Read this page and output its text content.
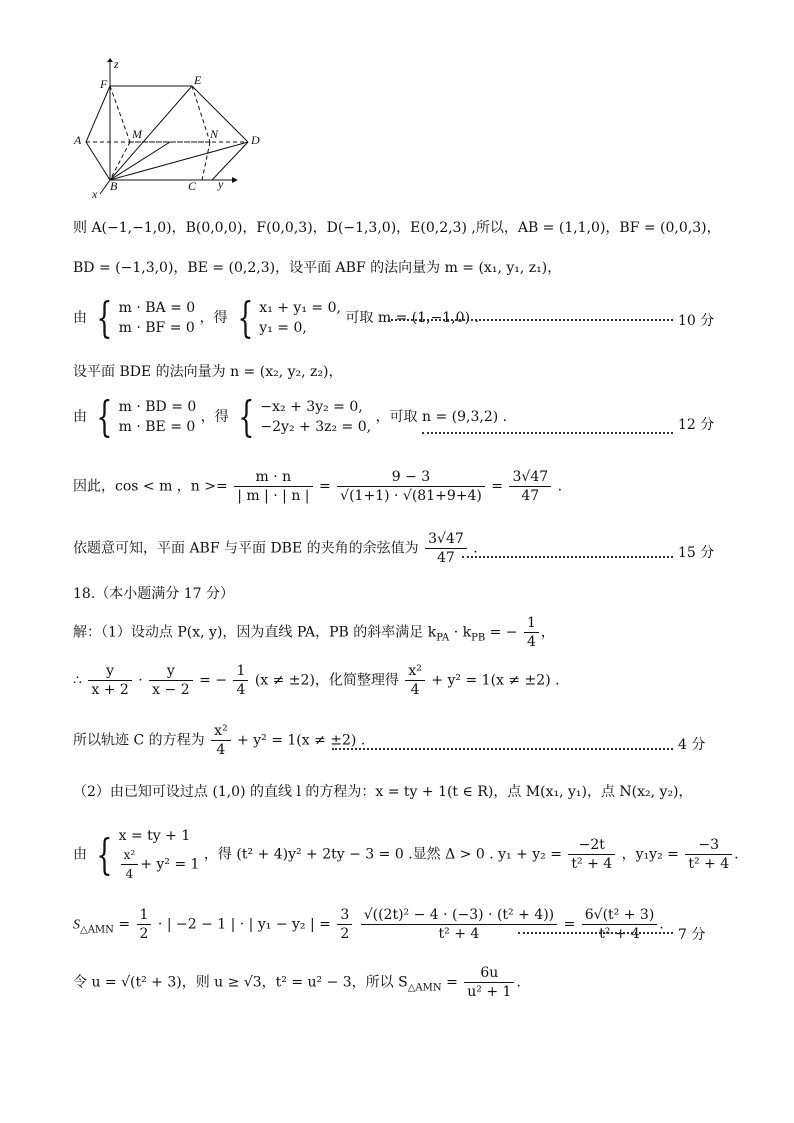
z
F	E
A	M	N	D
B	C
x
y
则 A(−1,−1,0)，B(0,0,0)，F(0,0,3)，D(−1,3,0)，E(0,2,3) ,所以，AB = (1,1,0)，BF = (0,0,3)，
BD = (−1,3,0)，BE = (0,2,3)，设平面 ABF 的法向量为 m = (x₁, y₁, z₁)，
由 { m · BA = 0
m · BF = 0
，得 { x₁ + y₁ = 0,
y₁ = 0,
可取 m = (1,−1,0) .	10 分
设平面 BDE 的法向量为 n = (x₂, y₂, z₂)，
由 { m · BD = 0
m · BE = 0
，得 { −x₂ + 3y₂ = 0,
−2y₂ + 3z₂ = 0,
，可取 n = (9,3,2) .	12 分
因此，cos < m ，$n >= \frac{m \cdot n}{| m | \cdot | n |} = \frac{9 - 3}{√(1+1) \cdot √(81+9+4)} = \frac{3√47}{47}$ .
依题意可知，平面 ABF 与平面 DBE 的夹角的余弦值为 $\frac{3√47}{47}$ .	15 分
18.（本小题满分 17 分）
解：（1）设动点 P(x, y)，因为直线 PA，PB 的斜率满足 $k_{PA} \cdot k_{PB}$ = − $\frac{1}{4}$ ，
∴ $\frac{y}{x + 2} \cdot \frac{y}{x - 2}$ = − $\frac{1}{4} (x \ne \pm 2)$，化简整理得 $\frac{\text{x²}}{4} + y^2 = 1(x \ne \pm 2)$ .
所以轨迹 C 的方程为 $\frac{\text{x²}}{4} + y^2 = 1(x \ne \pm 2)$ .	4 分
（2）由已知可设过点 (1,0) 的直线 l 的方程为：x = ty + 1(t ∈ R)，点 M(x₁, y₁)，点 N(x₂, y₂)，
由 { x = ty + 1
$\frac{\text{x²}}{4} + y^2 = 1$
，得 (t² + 4)y² + 2ty − 3 = 0 .显然 Δ > 0 . $y_1 + y_2 = \frac{-2t}{\text{t² + 4}}$ ，$y_1y_2 = \frac{-3}{\text{t² + 4}}$ .
$S_{\triangle AMN} = \frac{1}{2}$ · | −2 − 1 | · | y₁ − y₂ | = $\frac{3}{2}$
$\frac{\text{√((2t)² − 4 · (−3) · (t² + 4))}}{\text{t² + 4}} = \frac{\text{6√(t² + 3)}}{\text{t² + 4}}$ .
7 分
令 u = √(t² + 3)，则 u ≥ √3，t² = u² − 3，所以 $S_{\triangle AMN} = \frac{6u}{\text{u² + 1}}$ .
